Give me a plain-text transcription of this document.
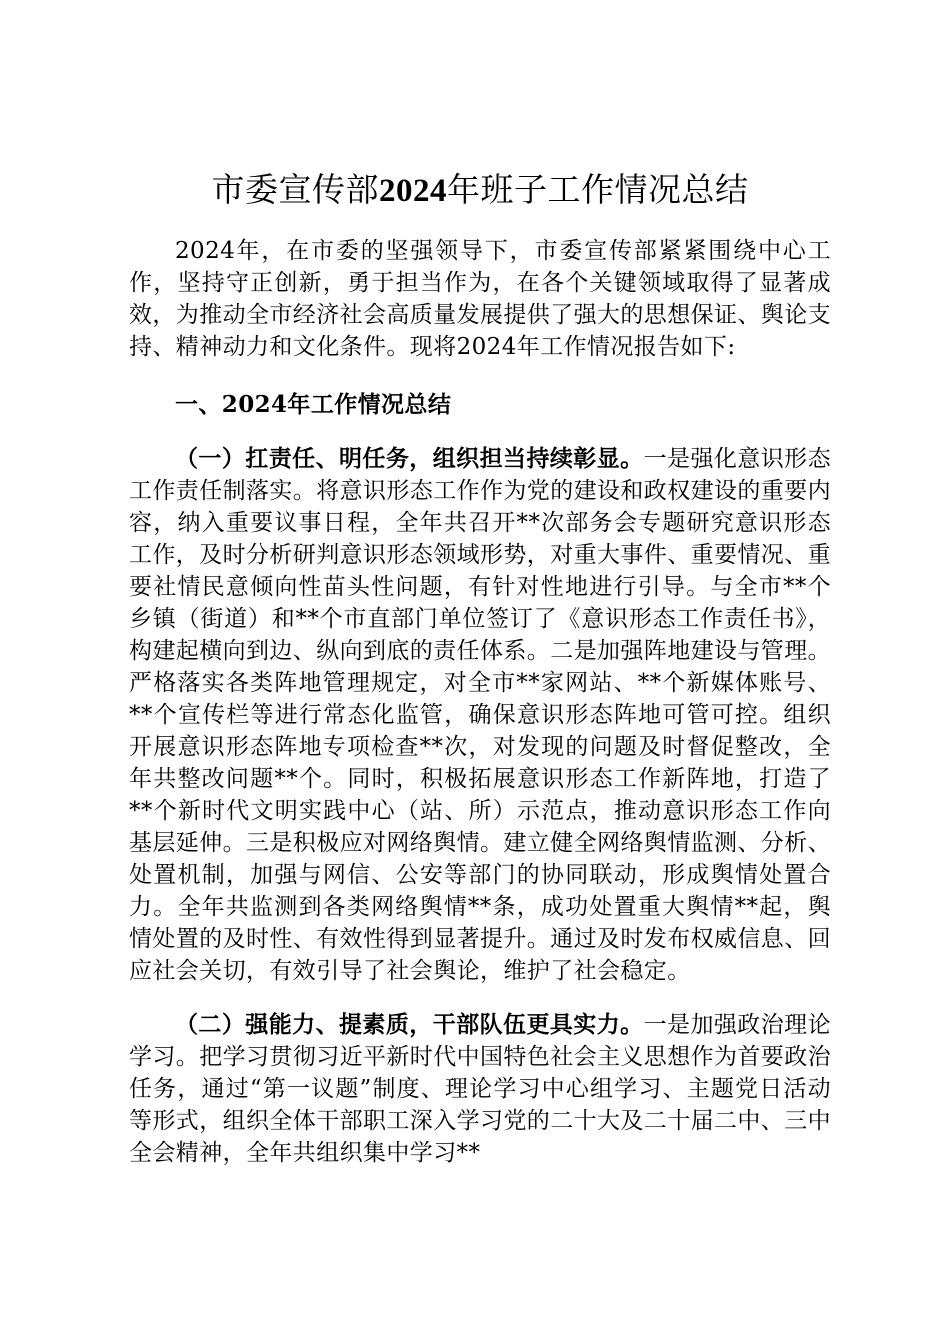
市委宣传部2024年班子工作情况总结

2024年，在市委的坚强领导下，市委宣传部紧紧围绕中心工作，坚持守正创新，勇于担当作为，在各个关键领域取得了显著成效，为推动全市经济社会高质量发展提供了强大的思想保证、舆论支持、精神动力和文化条件。现将2024年工作情况报告如下:

一、2024年工作情况总结

（一）扛责任、明任务，组织担当持续彰显。一是强化意识形态工作责任制落实。将意识形态工作作为党的建设和政权建设的重要内容，纳入重要议事日程，全年共召开**次部务会专题研究意识形态工作，及时分析研判意识形态领域形势，对重大事件、重要情况、重要社情民意倾向性苗头性问题，有针对性地进行引导。与全市**个乡镇（街道）和**个市直部门单位签订了《意识形态工作责任书》，构建起横向到边、纵向到底的责任体系。二是加强阵地建设与管理。严格落实各类阵地管理规定，对全市**家网站、**个新媒体账号、**个宣传栏等进行常态化监管，确保意识形态阵地可管可控。组织开展意识形态阵地专项检查**次，对发现的问题及时督促整改，全年共整改问题**个。同时，积极拓展意识形态工作新阵地，打造了**个新时代文明实践中心（站、所）示范点，推动意识形态工作向基层延伸。三是积极应对网络舆情。建立健全网络舆情监测、分析、处置机制，加强与网信、公安等部门的协同联动，形成舆情处置合力。全年共监测到各类网络舆情**条，成功处置重大舆情**起，舆情处置的及时性、有效性得到显著提升。通过及时发布权威信息、回应社会关切，有效引导了社会舆论，维护了社会稳定。

（二）强能力、提素质，干部队伍更具实力。一是加强政治理论学习。把学习贯彻习近平新时代中国特色社会主义思想作为首要政治任务，通过“第一议题”制度、理论学习中心组学习、主题党日活动等形式，组织全体干部职工深入学习党的二十大及二十届二中、三中全会精神，全年共组织集中学习**
